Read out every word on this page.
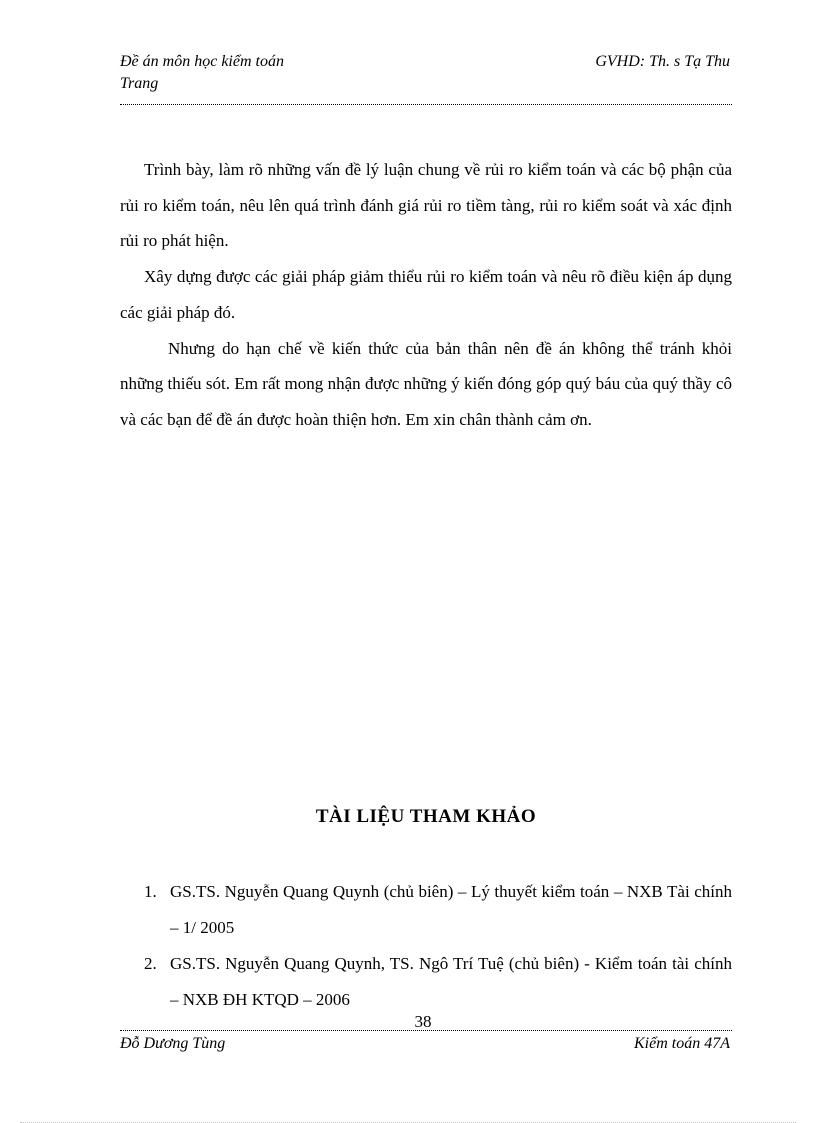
Đề án môn học kiểm toán
Trang
GVHD: Th. s Tạ Thu

Trình bày, làm rõ những vấn đề lý luận chung về rủi ro kiểm toán và các bộ phận của rủi ro kiểm toán, nêu lên quá trình đánh giá rủi ro tiềm tàng, rủi ro kiểm soát và xác định rủi ro phát hiện.

Xây dựng được các giải pháp giảm thiểu rủi ro kiểm toán và nêu rõ điều kiện áp dụng các giải pháp đó.

Nhưng do hạn chế về kiến thức của bản thân nên đề án không thể tránh khỏi những thiếu sót. Em rất mong nhận được những ý kiến đóng góp quý báu của quý thầy cô và các bạn để đề án được hoàn thiện hơn. Em xin chân thành cảm ơn.

TÀI LIỆU THAM KHẢO
1. GS.TS. Nguyễn Quang Quynh (chủ biên) – Lý thuyết kiểm toán – NXB Tài chính – 1/ 2005
2. GS.TS. Nguyễn Quang Quynh, TS. Ngô Trí Tuệ (chủ biên) - Kiểm toán tài chính – NXB ĐH KTQD – 2006
38
Đỗ Dương Tùng	Kiểm toán 47A
